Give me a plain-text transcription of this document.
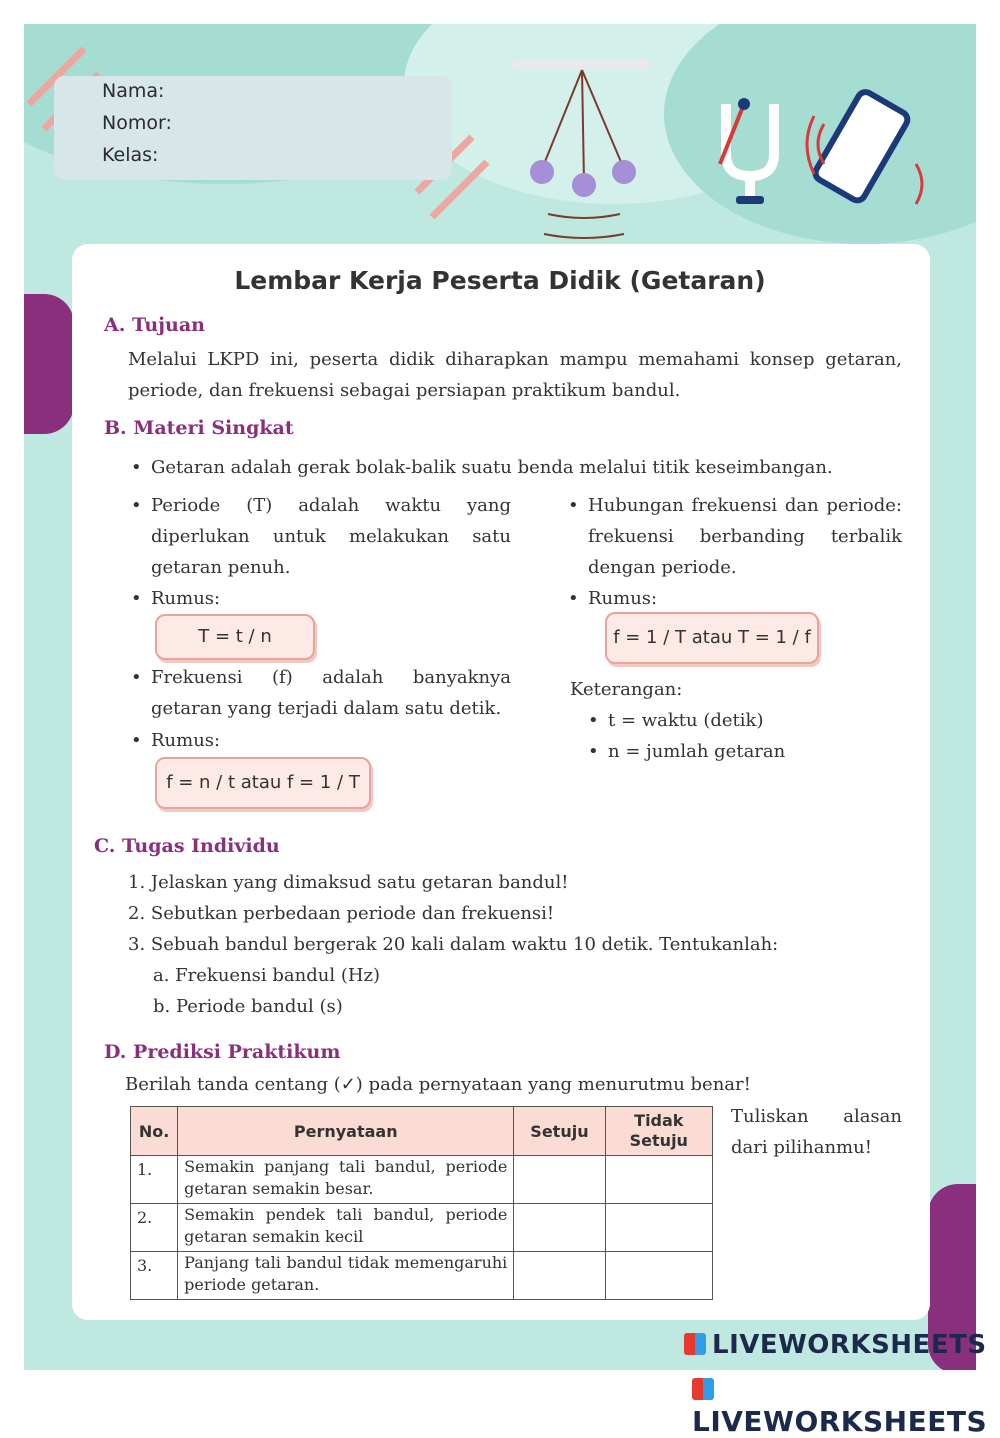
Nama:
Nomor:
Kelas:
Lembar Kerja Peserta Didik (Getaran)
A. Tujuan
Melalui LKPD ini, peserta didik diharapkan mampu memahami konsep getaran, periode, dan frekuensi sebagai persiapan praktikum bandul.
B. Materi Singkat
• Getaran adalah gerak bolak-balik suatu benda melalui titik keseimbangan.
• Periode (T) adalah waktu yang diperlukan untuk melakukan satu getaran penuh.
• Rumus:
T = t / n
• Frekuensi (f) adalah banyaknya getaran yang terjadi dalam satu detik.
• Rumus:
f = n / t atau f = 1 / T
• Hubungan frekuensi dan periode: frekuensi berbanding terbalik dengan periode.
• Rumus:
f = 1 / T atau T = 1 / f
Keterangan:
• t = waktu (detik)
• n = jumlah getaran
C. Tugas Individu
1. Jelaskan yang dimaksud satu getaran bandul!
2. Sebutkan perbedaan periode dan frekuensi!
3. Sebuah bandul bergerak 20 kali dalam waktu 10 detik. Tentukanlah:
a. Frekuensi bandul (Hz)
b. Periode bandul (s)
D. Prediksi Praktikum
Berilah tanda centang (✓) pada pernyataan yang menurutmu benar!
Tuliskan alasan dari pilihanmu!
No.	Pernyataan	Setuju	Tidak Setuju
1.	Semakin panjang tali bandul, periode getaran semakin besar.		
2.	Semakin pendek tali bandul, periode getaran semakin kecil		
3.	Panjang tali bandul tidak memengaruhi periode getaran.		
LIVEWORKSHEETS
LIVEWORKSHEETS
